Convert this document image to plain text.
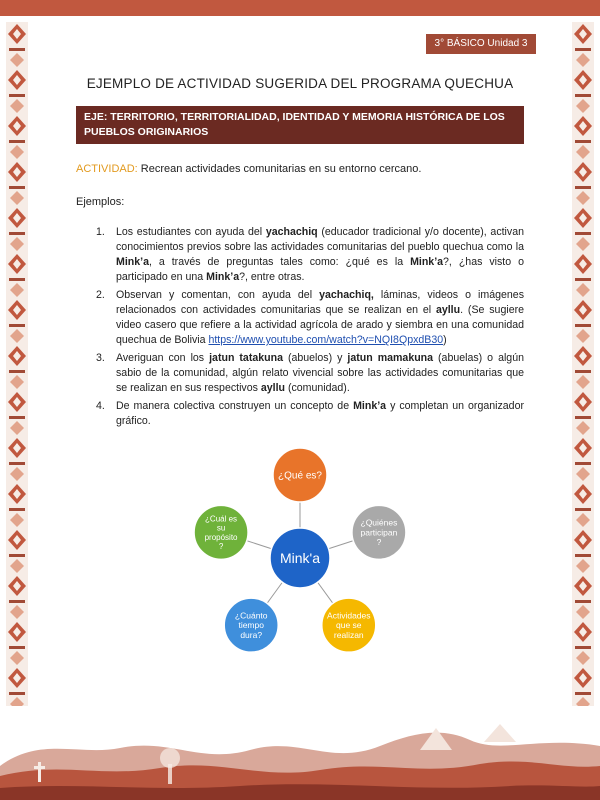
3° BÁSICO Unidad 3
EJEMPLO DE ACTIVIDAD SUGERIDA DEL PROGRAMA QUECHUA
EJE: TERRITORIO, TERRITORIALIDAD, IDENTIDAD Y MEMORIA HISTÓRICA DE LOS PUEBLOS ORIGINARIOS
ACTIVIDAD: Recrean actividades comunitarias en su entorno cercano.
Ejemplos:
1. Los estudiantes con ayuda del yachachiq (educador tradicional y/o docente), activan conocimientos previos sobre las actividades comunitarias del pueblo quechua como la Mink’a, a través de preguntas tales como: ¿qué es la Mink’a?, ¿has visto o participado en una Mink’a?, entre otras.
2. Observan y comentan, con ayuda del yachachiq, láminas, videos o imágenes relacionados con actividades comunitarias que se realizan en el ayllu. (Se sugiere video casero que refiere a la actividad agrícola de arado y siembra en una comunidad quechua de Bolivia https://www.youtube.com/watch?v=NQI8QpxdB30)
3. Averiguan con los jatun tatakuna (abuelos) y jatun mamakuna (abuelas) o algún sabio de la comunidad, algún relato vivencial sobre las actividades comunitarias que se realizan en sus respectivos ayllu (comunidad).
4. De manera colectiva construyen un concepto de Mink’a y completan un organizador gráfico.
¿Qué es?
¿Quiénes participan ?
Actividades que se realizan
¿Cuánto tiempo dura?
¿Cuál es su propósito ?
Mink'a
